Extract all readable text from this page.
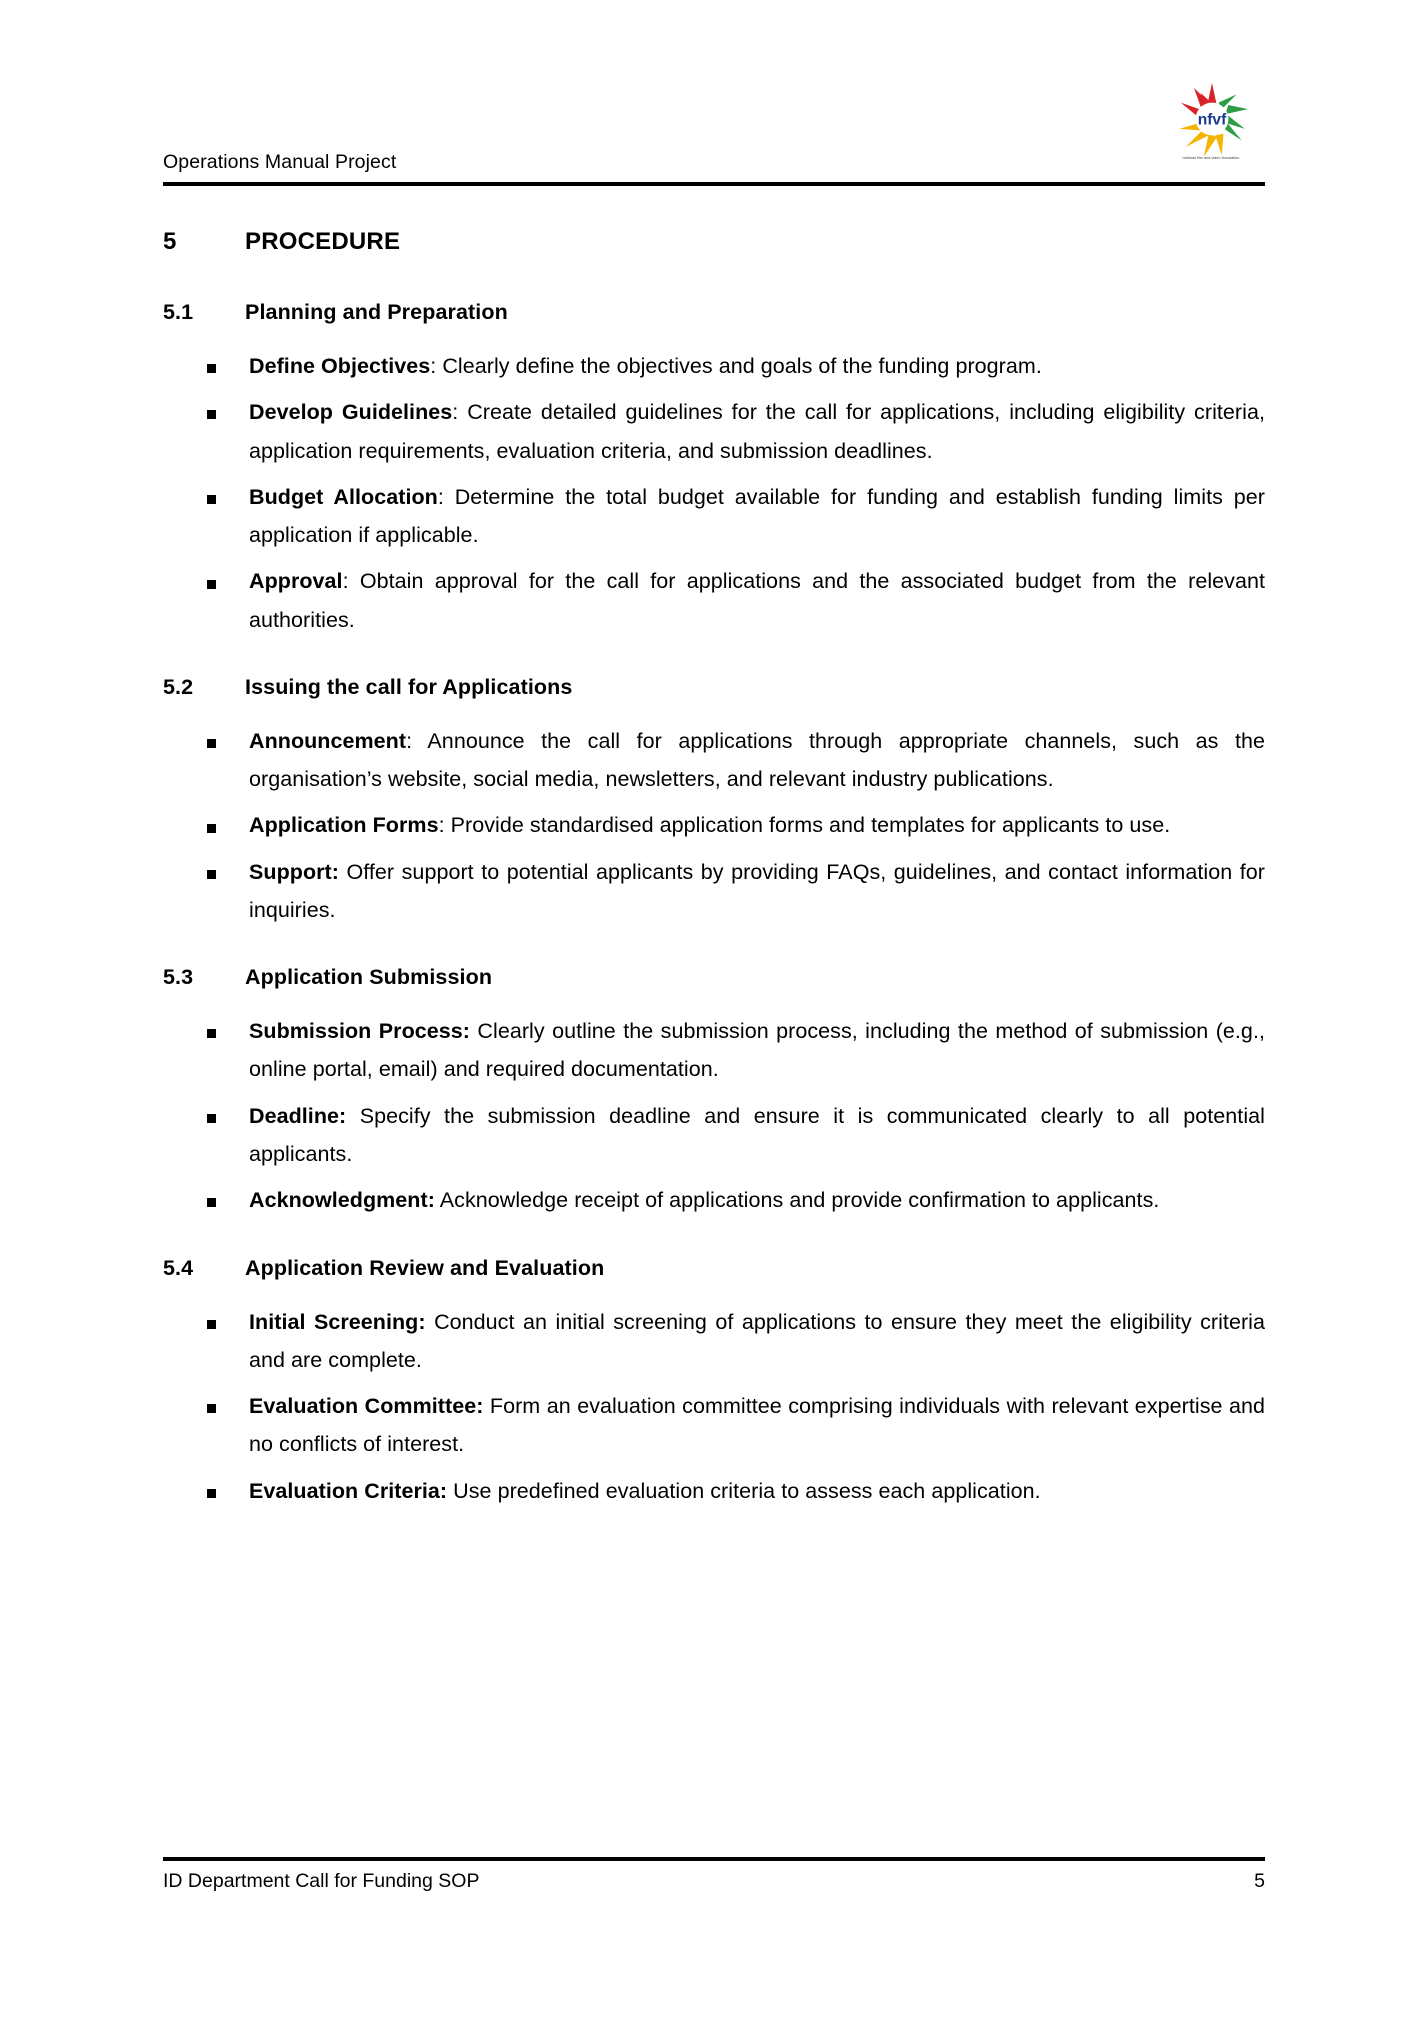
Operations Manual Project
nfvf
national film and video foundation
5	PROCEDURE
5.1	Planning and Preparation
Define Objectives: Clearly define the objectives and goals of the funding program.
Develop Guidelines: Create detailed guidelines for the call for applications, including eligibility criteria, application requirements, evaluation criteria, and submission deadlines.
Budget Allocation: Determine the total budget available for funding and establish funding limits per application if applicable.
Approval: Obtain approval for the call for applications and the associated budget from the relevant authorities.
5.2	Issuing the call for Applications
Announcement: Announce the call for applications through appropriate channels, such as the organisation’s website, social media, newsletters, and relevant industry publications.
Application Forms: Provide standardised application forms and templates for applicants to use.
Support: Offer support to potential applicants by providing FAQs, guidelines, and contact information for inquiries.
5.3	Application Submission
Submission Process: Clearly outline the submission process, including the method of submission (e.g., online portal, email) and required documentation.
Deadline: Specify the submission deadline and ensure it is communicated clearly to all potential applicants.
Acknowledgment: Acknowledge receipt of applications and provide confirmation to applicants.
5.4	Application Review and Evaluation
Initial Screening: Conduct an initial screening of applications to ensure they meet the eligibility criteria and are complete.
Evaluation Committee: Form an evaluation committee comprising individuals with relevant expertise and no conflicts of interest.
Evaluation Criteria: Use predefined evaluation criteria to assess each application.
ID Department Call for Funding SOP	5
